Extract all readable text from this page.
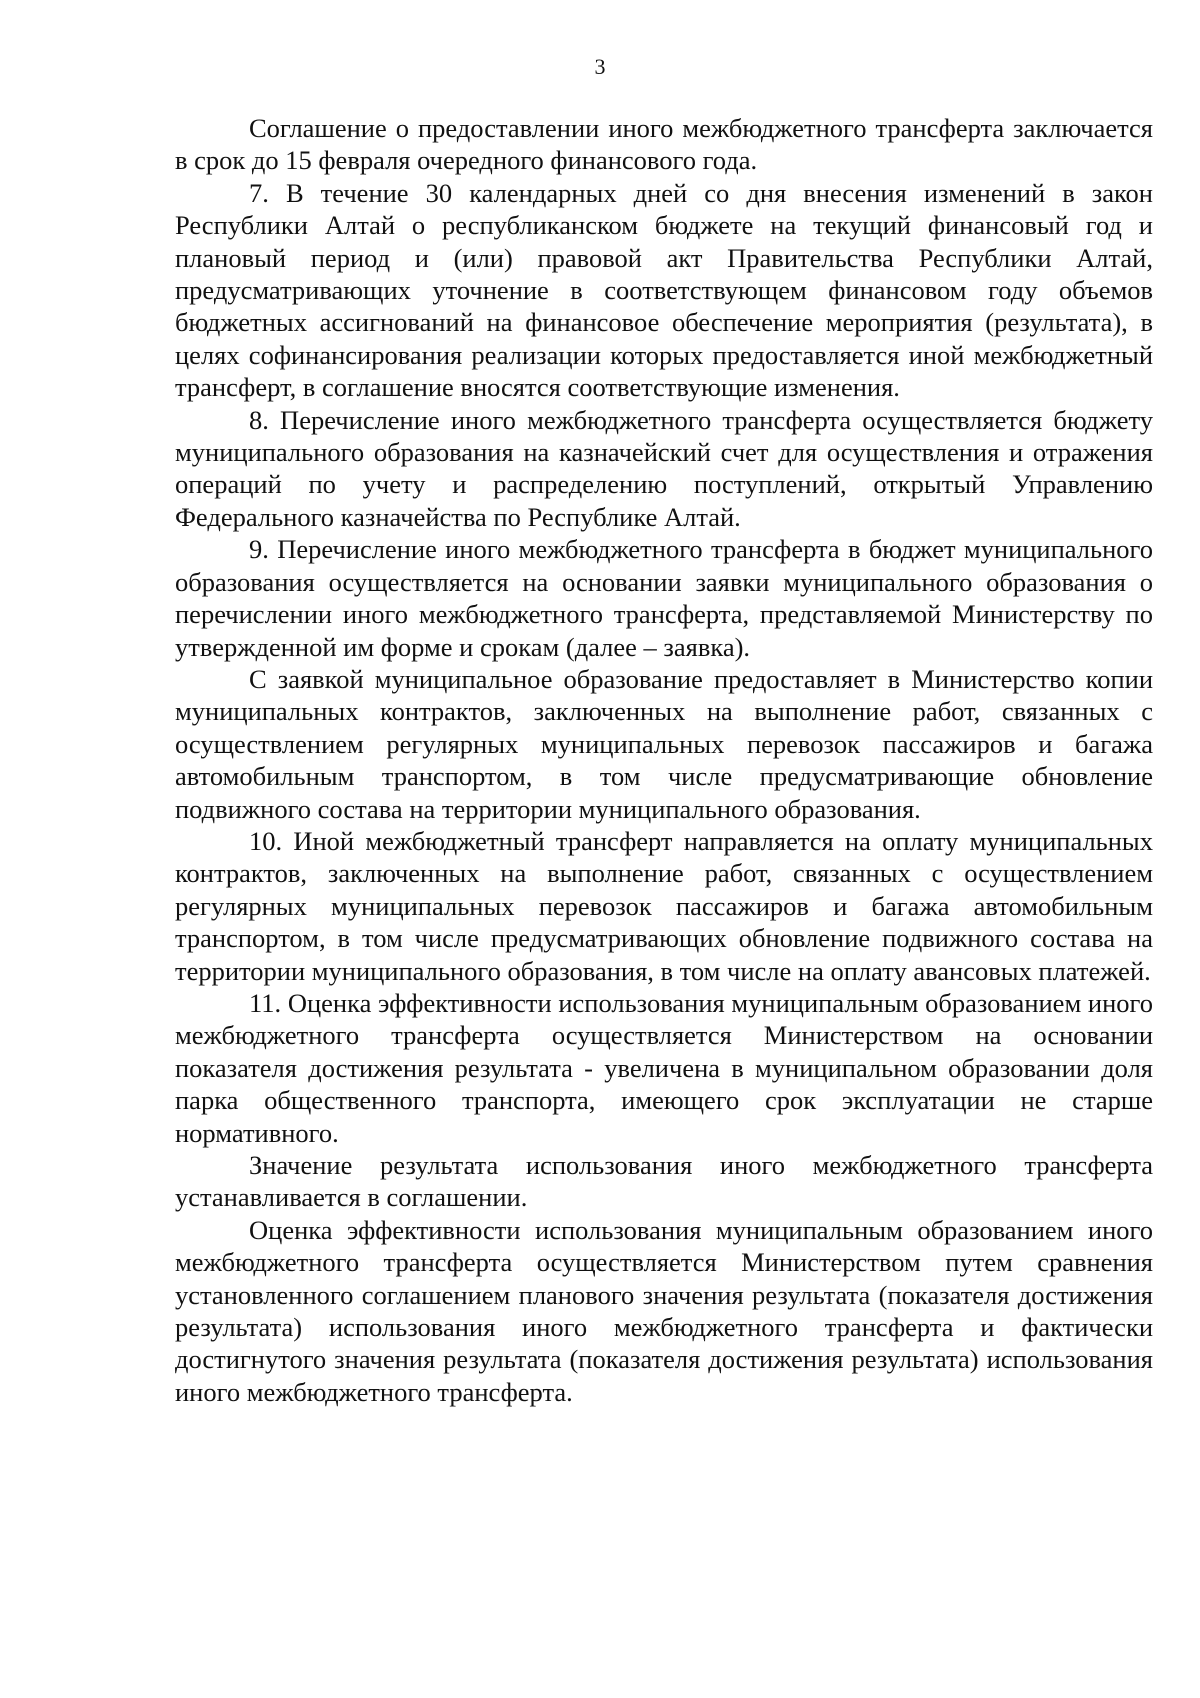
3

Соглашение о предоставлении иного межбюджетного трансферта заключается в срок до 15 февраля очередного финансового года.

7. В течение 30 календарных дней со дня внесения изменений в закон Республики Алтай о республиканском бюджете на текущий финансовый год и плановый период и (или) правовой акт Правительства Республики Алтай, предусматривающих уточнение в соответствующем финансовом году объемов бюджетных ассигнований на финансовое обеспечение мероприятия (результата), в целях софинансирования реализации которых предоставляется иной межбюджетный трансферт, в соглашение вносятся соответствующие изменения.

8. Перечисление иного межбюджетного трансферта осуществляется бюджету муниципального образования на казначейский счет для осуществления и отражения операций по учету и распределению поступлений, открытый Управлению Федерального казначейства по Республике Алтай.

9. Перечисление иного межбюджетного трансферта в бюджет муниципального образования осуществляется на основании заявки муниципального образования о перечислении иного межбюджетного трансферта, представляемой Министерству по утвержденной им форме и срокам (далее – заявка).

С заявкой муниципальное образование предоставляет в Министерство копии муниципальных контрактов, заключенных на выполнение работ, связанных с осуществлением регулярных муниципальных перевозок пассажиров и багажа автомобильным транспортом, в том числе предусматривающие обновление подвижного состава на территории муниципального образования.

10. Иной межбюджетный трансферт направляется на оплату муниципальных контрактов, заключенных на выполнение работ, связанных с осуществлением регулярных муниципальных перевозок пассажиров и багажа автомобильным транспортом, в том числе предусматривающих обновление подвижного состава на территории муниципального образования, в том числе на оплату авансовых платежей.

11. Оценка эффективности использования муниципальным образованием иного межбюджетного трансферта осуществляется Министерством на основании показателя достижения результата - увеличена в муниципальном образовании доля парка общественного транспорта, имеющего срок эксплуатации не старше нормативного.

Значение результата использования иного межбюджетного трансферта устанавливается в соглашении.

Оценка эффективности использования муниципальным образованием иного межбюджетного трансферта осуществляется Министерством путем сравнения установленного соглашением планового значения результата (показателя достижения результата) использования иного межбюджетного трансферта и фактически достигнутого значения результата (показателя достижения результата) использования иного межбюджетного трансферта.
